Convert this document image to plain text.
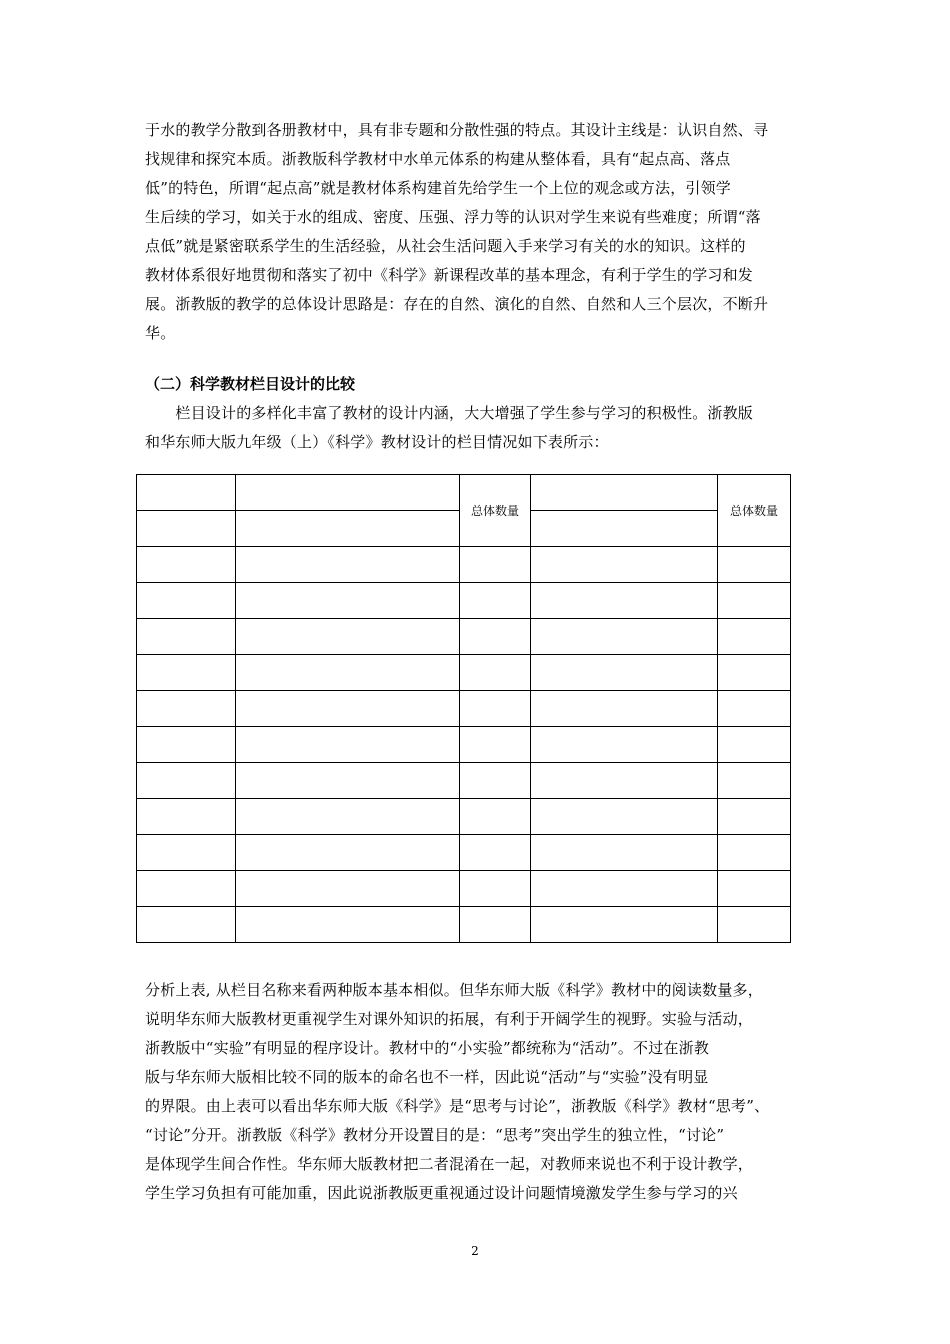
于水的教学分散到各册教材中，具有非专题和分散性强的特点。其设计主线是：认识自然、寻

找规律和探究本质。浙教版科学教材中水单元体系的构建从整体看，具有“起点高、落点

低”的特色，所谓“起点高”就是教材体系构建首先给学生一个上位的观念或方法，引领学

生后续的学习，如关于水的组成、密度、压强、浮力等的认识对学生来说有些难度；所谓“落

点低”就是紧密联系学生的生活经验，从社会生活问题入手来学习有关的水的知识。这样的

教材体系很好地贯彻和落实了初中《科学》新课程改革的基本理念，有利于学生的学习和发

展。浙教版的教学的总体设计思路是：存在的自然、演化的自然、自然和人三个层次，不断升

华。

（二）科学教材栏目设计的比较

　　栏目设计的多样化丰富了教材的设计内涵，大大增强了学生参与学习的积极性。浙教版

和华东师大版九年级（上）《科学》教材设计的栏目情况如下表所示：

		总体数量		总体数量

分析上表, 从栏目名称来看两种版本基本相似。但华东师大版《科学》教材中的阅读数量多，

说明华东师大版教材更重视学生对课外知识的拓展，有利于开阔学生的视野。实验与活动，

浙教版中“实验”有明显的程序设计。教材中的“小实验”都统称为“活动”。不过在浙教

版与华东师大版相比较不同的版本的命名也不一样，因此说“活动”与“实验”没有明显

的界限。由上表可以看出华东师大版《科学》是“思考与讨论”，浙教版《科学》教材“思考”、

“讨论”分开。浙教版《科学》教材分开设置目的是：“思考”突出学生的独立性，“讨论”

是体现学生间合作性。华东师大版教材把二者混淆在一起，对教师来说也不利于设计教学，

学生学习负担有可能加重，因此说浙教版更重视通过设计问题情境激发学生参与学习的兴

2
